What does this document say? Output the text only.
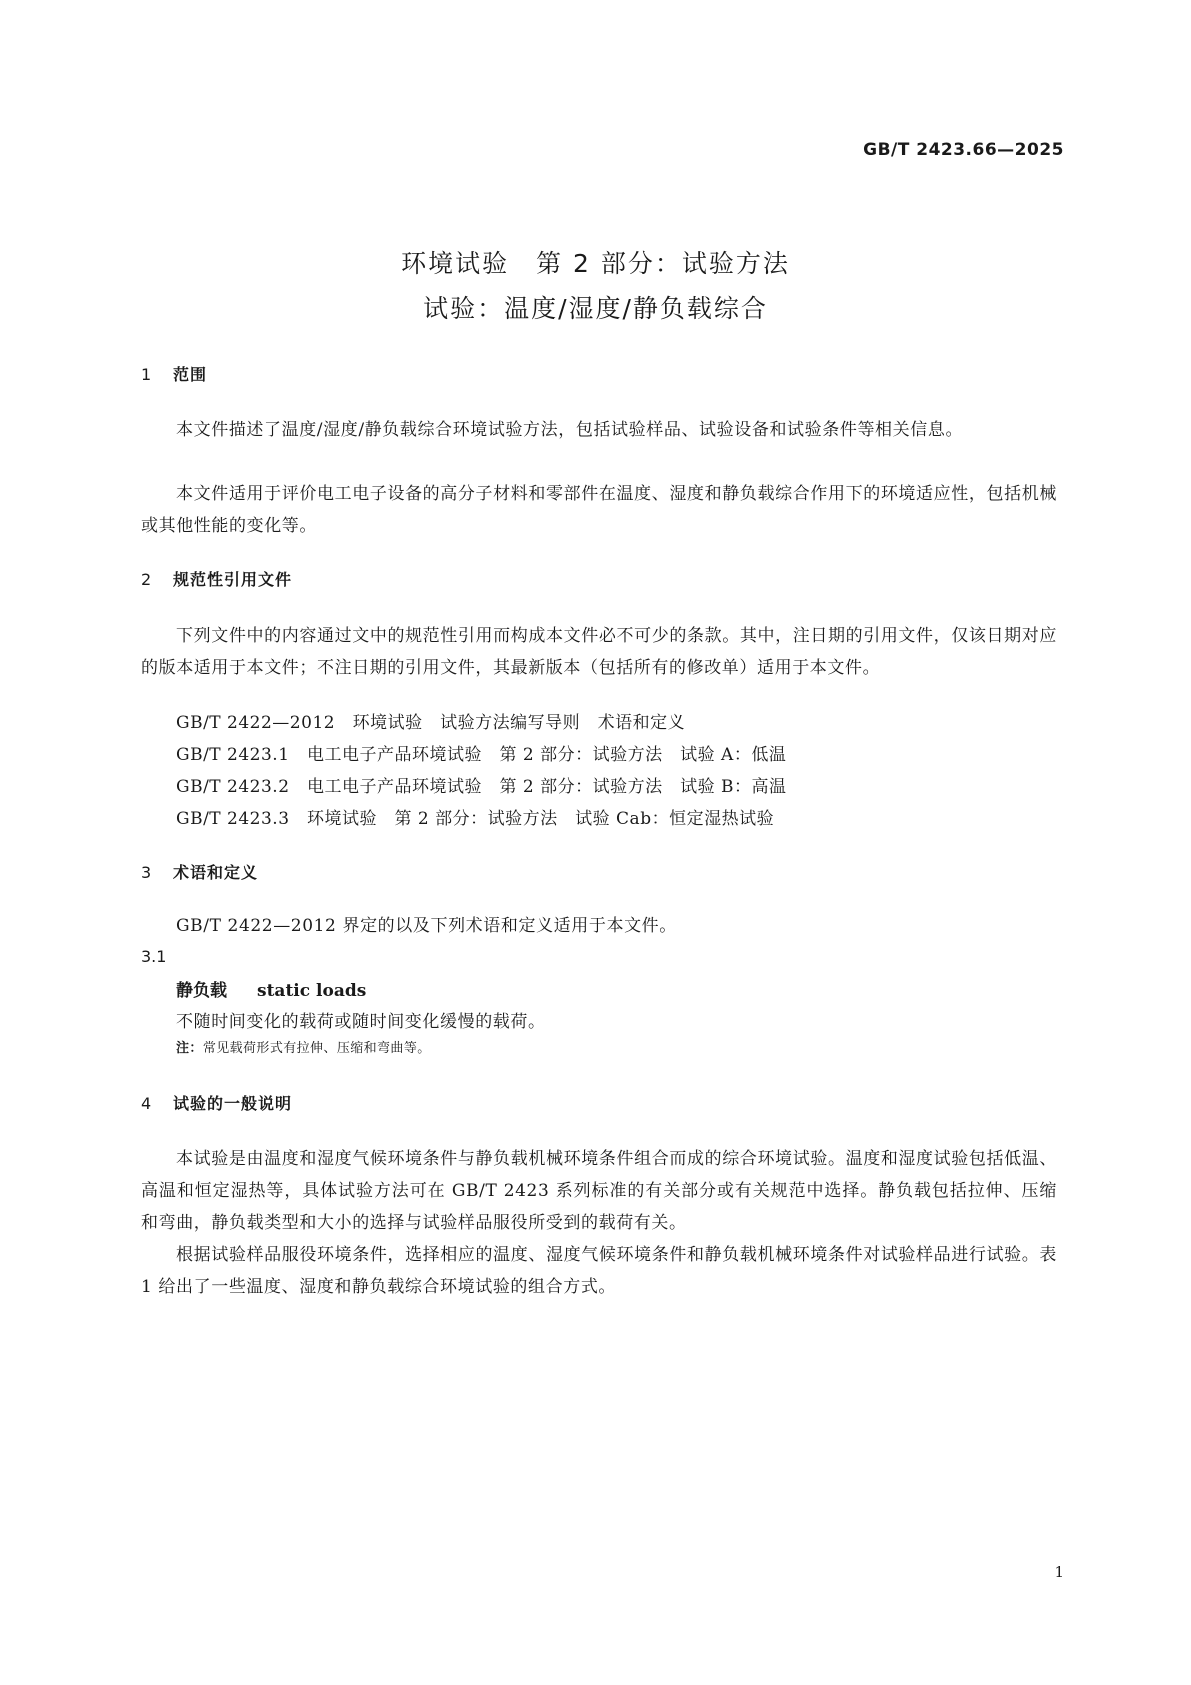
GB/T 2423.66—2025
环境试验　第 2 部分：试验方法
试验：温度/湿度/静负载综合
1 范围

本文件描述了温度/湿度/静负载综合环境试验方法，包括试验样品、试验设备和试验条件等相关信息。

本文件适用于评价电工电子设备的高分子材料和零部件在温度、湿度和静负载综合作用下的环境适应性，包括机械或其他性能的变化等。

2 规范性引用文件

下列文件中的内容通过文中的规范性引用而构成本文件必不可少的条款。其中，注日期的引用文件，仅该日期对应的版本适用于本文件；不注日期的引用文件，其最新版本（包括所有的修改单）适用于本文件。

GB/T 2422—2012　环境试验　试验方法编写导则　术语和定义
GB/T 2423.1　电工电子产品环境试验　第 2 部分：试验方法　试验 A：低温
GB/T 2423.2　电工电子产品环境试验　第 2 部分：试验方法　试验 B：高温
GB/T 2423.3　环境试验　第 2 部分：试验方法　试验 Cab：恒定湿热试验
3 术语和定义

GB/T 2422—2012 界定的以及下列术语和定义适用于本文件。

3.1
静负载 static loads
不随时间变化的载荷或随时间变化缓慢的载荷。
注：常见载荷形式有拉伸、压缩和弯曲等。
4 试验的一般说明

本试验是由温度和湿度气候环境条件与静负载机械环境条件组合而成的综合环境试验。温度和湿度试验包括低温、高温和恒定湿热等，具体试验方法可在 GB/T 2423 系列标准的有关部分或有关规范中选择。静负载包括拉伸、压缩和弯曲，静负载类型和大小的选择与试验样品服役所受到的载荷有关。

根据试验样品服役环境条件，选择相应的温度、湿度气候环境条件和静负载机械环境条件对试验样品进行试验。表 1 给出了一些温度、湿度和静负载综合环境试验的组合方式。

1
